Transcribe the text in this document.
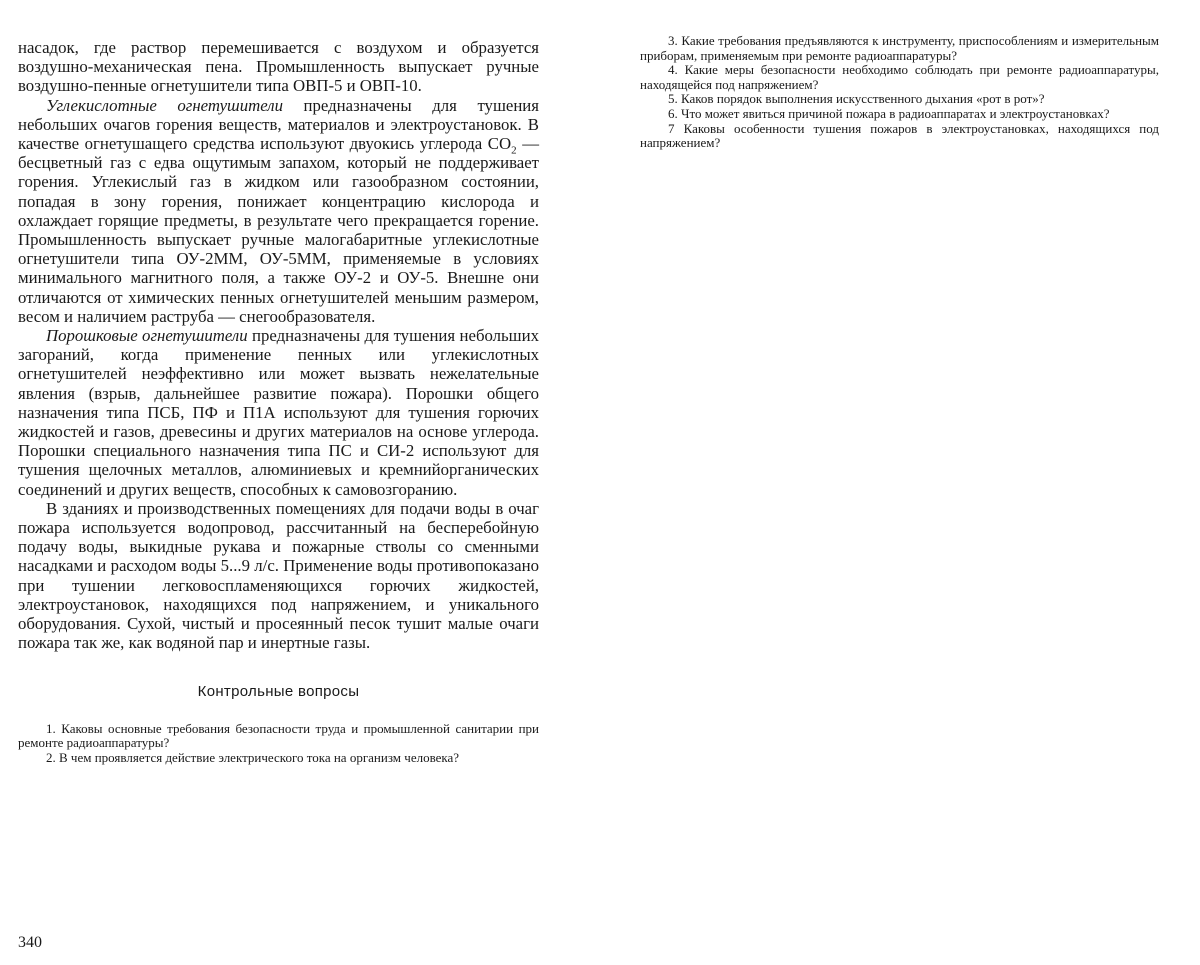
насадок, где раствор перемешивается с воздухом и образуется воздушно-механическая пена. Промышленность выпускает ручные воздушно-пенные огнетушители типа ОВП-5 и ОВП-10.

Углекислотные огнетушители предназначены для тушения небольших очагов горения веществ, материалов и электроустановок. В качестве огнетушащего средства используют двуокись углерода $CO_2$ — бесцветный газ с едва ощутимым запахом, который не поддерживает горения. Углекислый газ в жидком или газообразном состоянии, попадая в зону горения, понижает концентрацию кислорода и охлаждает горящие предметы, в результате чего прекращается горение. Промышленность выпускает ручные малогабаритные углекислотные огнетушители типа ОУ-2ММ, ОУ-5ММ, применяемые в условиях минимального магнитного поля, а также ОУ-2 и ОУ-5. Внешне они отличаются от химических пенных огнетушителей меньшим размером, весом и наличием раструба — снегообразователя.

Порошковые огнетушители предназначены для тушения небольших загораний, когда применение пенных или углекислотных огнетушителей неэффективно или может вызвать нежелательные явления (взрыв, дальнейшее развитие пожара). Порошки общего назначения типа ПСБ, ПФ и П1А используют для тушения горючих жидкостей и газов, древесины и других материалов на основе углерода. Порошки специального назначения типа ПС и СИ-2 используют для тушения щелочных металлов, алюминиевых и кремнийорганических соединений и других веществ, способных к самовозгоранию.

В зданиях и производственных помещениях для подачи воды в очаг пожара используется водопровод, рассчитанный на бесперебойную подачу воды, выкидные рукава и пожарные стволы со сменными насадками и расходом воды 5...9 л/с. Применение воды противопоказано при тушении легковоспламеняющихся горючих жидкостей, электроустановок, находящихся под напряжением, и уникального оборудования. Сухой, чистый и просеянный песок тушит малые очаги пожара так же, как водяной пар и инертные газы.

Контрольные вопросы

1. Каковы основные требования безопасности труда и промышленной санитарии при ремонте радиоаппаратуры?

2. В чем проявляется действие электрического тока на организм человека?

340

3. Какие требования предъявляются к инструменту, приспособлениям и измерительным приборам, применяемым при ремонте радиоаппаратуры?

4. Какие меры безопасности необходимо соблюдать при ремонте радиоаппаратуры, находящейся под напряжением?

5. Каков порядок выполнения искусственного дыхания «рот в рот»?

6. Что может явиться причиной пожара в радиоаппаратах и электроустановках?

7 Каковы особенности тушения пожаров в электроустановках, находящихся под напряжением?
